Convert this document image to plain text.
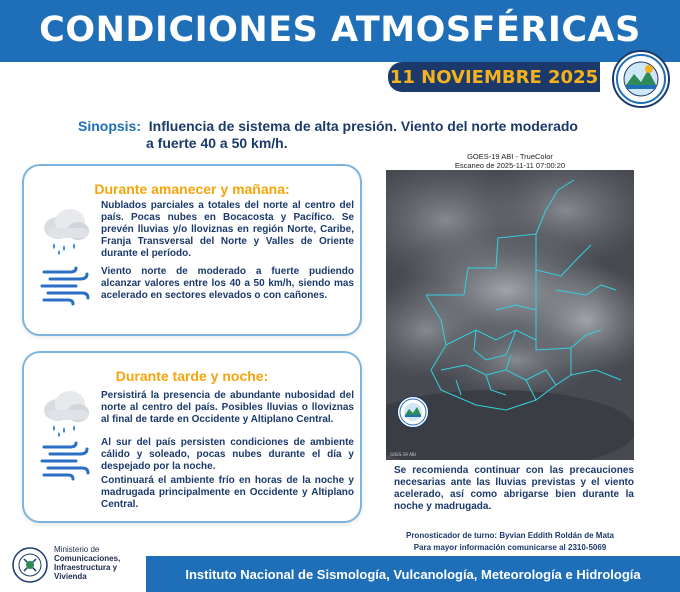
CONDICIONES ATMOSFÉRICAS
11 NOVIEMBRE 2025
Sinopsis: Influencia de sistema de alta presión. Viento del norte moderado
a fuerte 40 a 50 km/h.
Durante amanecer y mañana:
Nublados parciales a totales del norte al centro del país. Pocas nubes en Bocacosta y Pacífico. Se prevén lluvias y/o lloviznas en región Norte, Caribe, Franja Transversal del Norte y Valles de Oriente durante el período.
Viento norte de moderado a fuerte pudiendo alcanzar valores entre los 40 a 50 km/h, siendo mas acelerado en sectores elevados o con cañones.
Durante tarde y noche:
Persistirá la presencia de abundante nubosidad del norte al centro del país. Posibles lluvias o lloviznas al final de tarde en Occidente y Altiplano Central.
Al sur del país persisten condiciones de ambiente cálido y soleado, pocas nubes durante el día y despejado por la noche.
Continuará el ambiente frío en horas de la noche y madrugada principalmente en Occidente y Altiplano Central.
GOES-19 ABI - TrueColor
Escaneo de 2025-11-11 07:00:20
GOES-19 ABI
Se recomienda continuar con las precauciones necesarias ante las lluvias previstas y el viento acelerado, así como abrigarse bien durante la noche y madrugada.
Pronosticador de turno: Byvian Eddith Roldán de Mata
Para mayor información comunicarse al 2310-5069
Ministerio de
Comunicaciones,
Infraestructura y
Vivienda	Instituto Nacional de Sismología, Vulcanología, Meteorología e Hidrología
